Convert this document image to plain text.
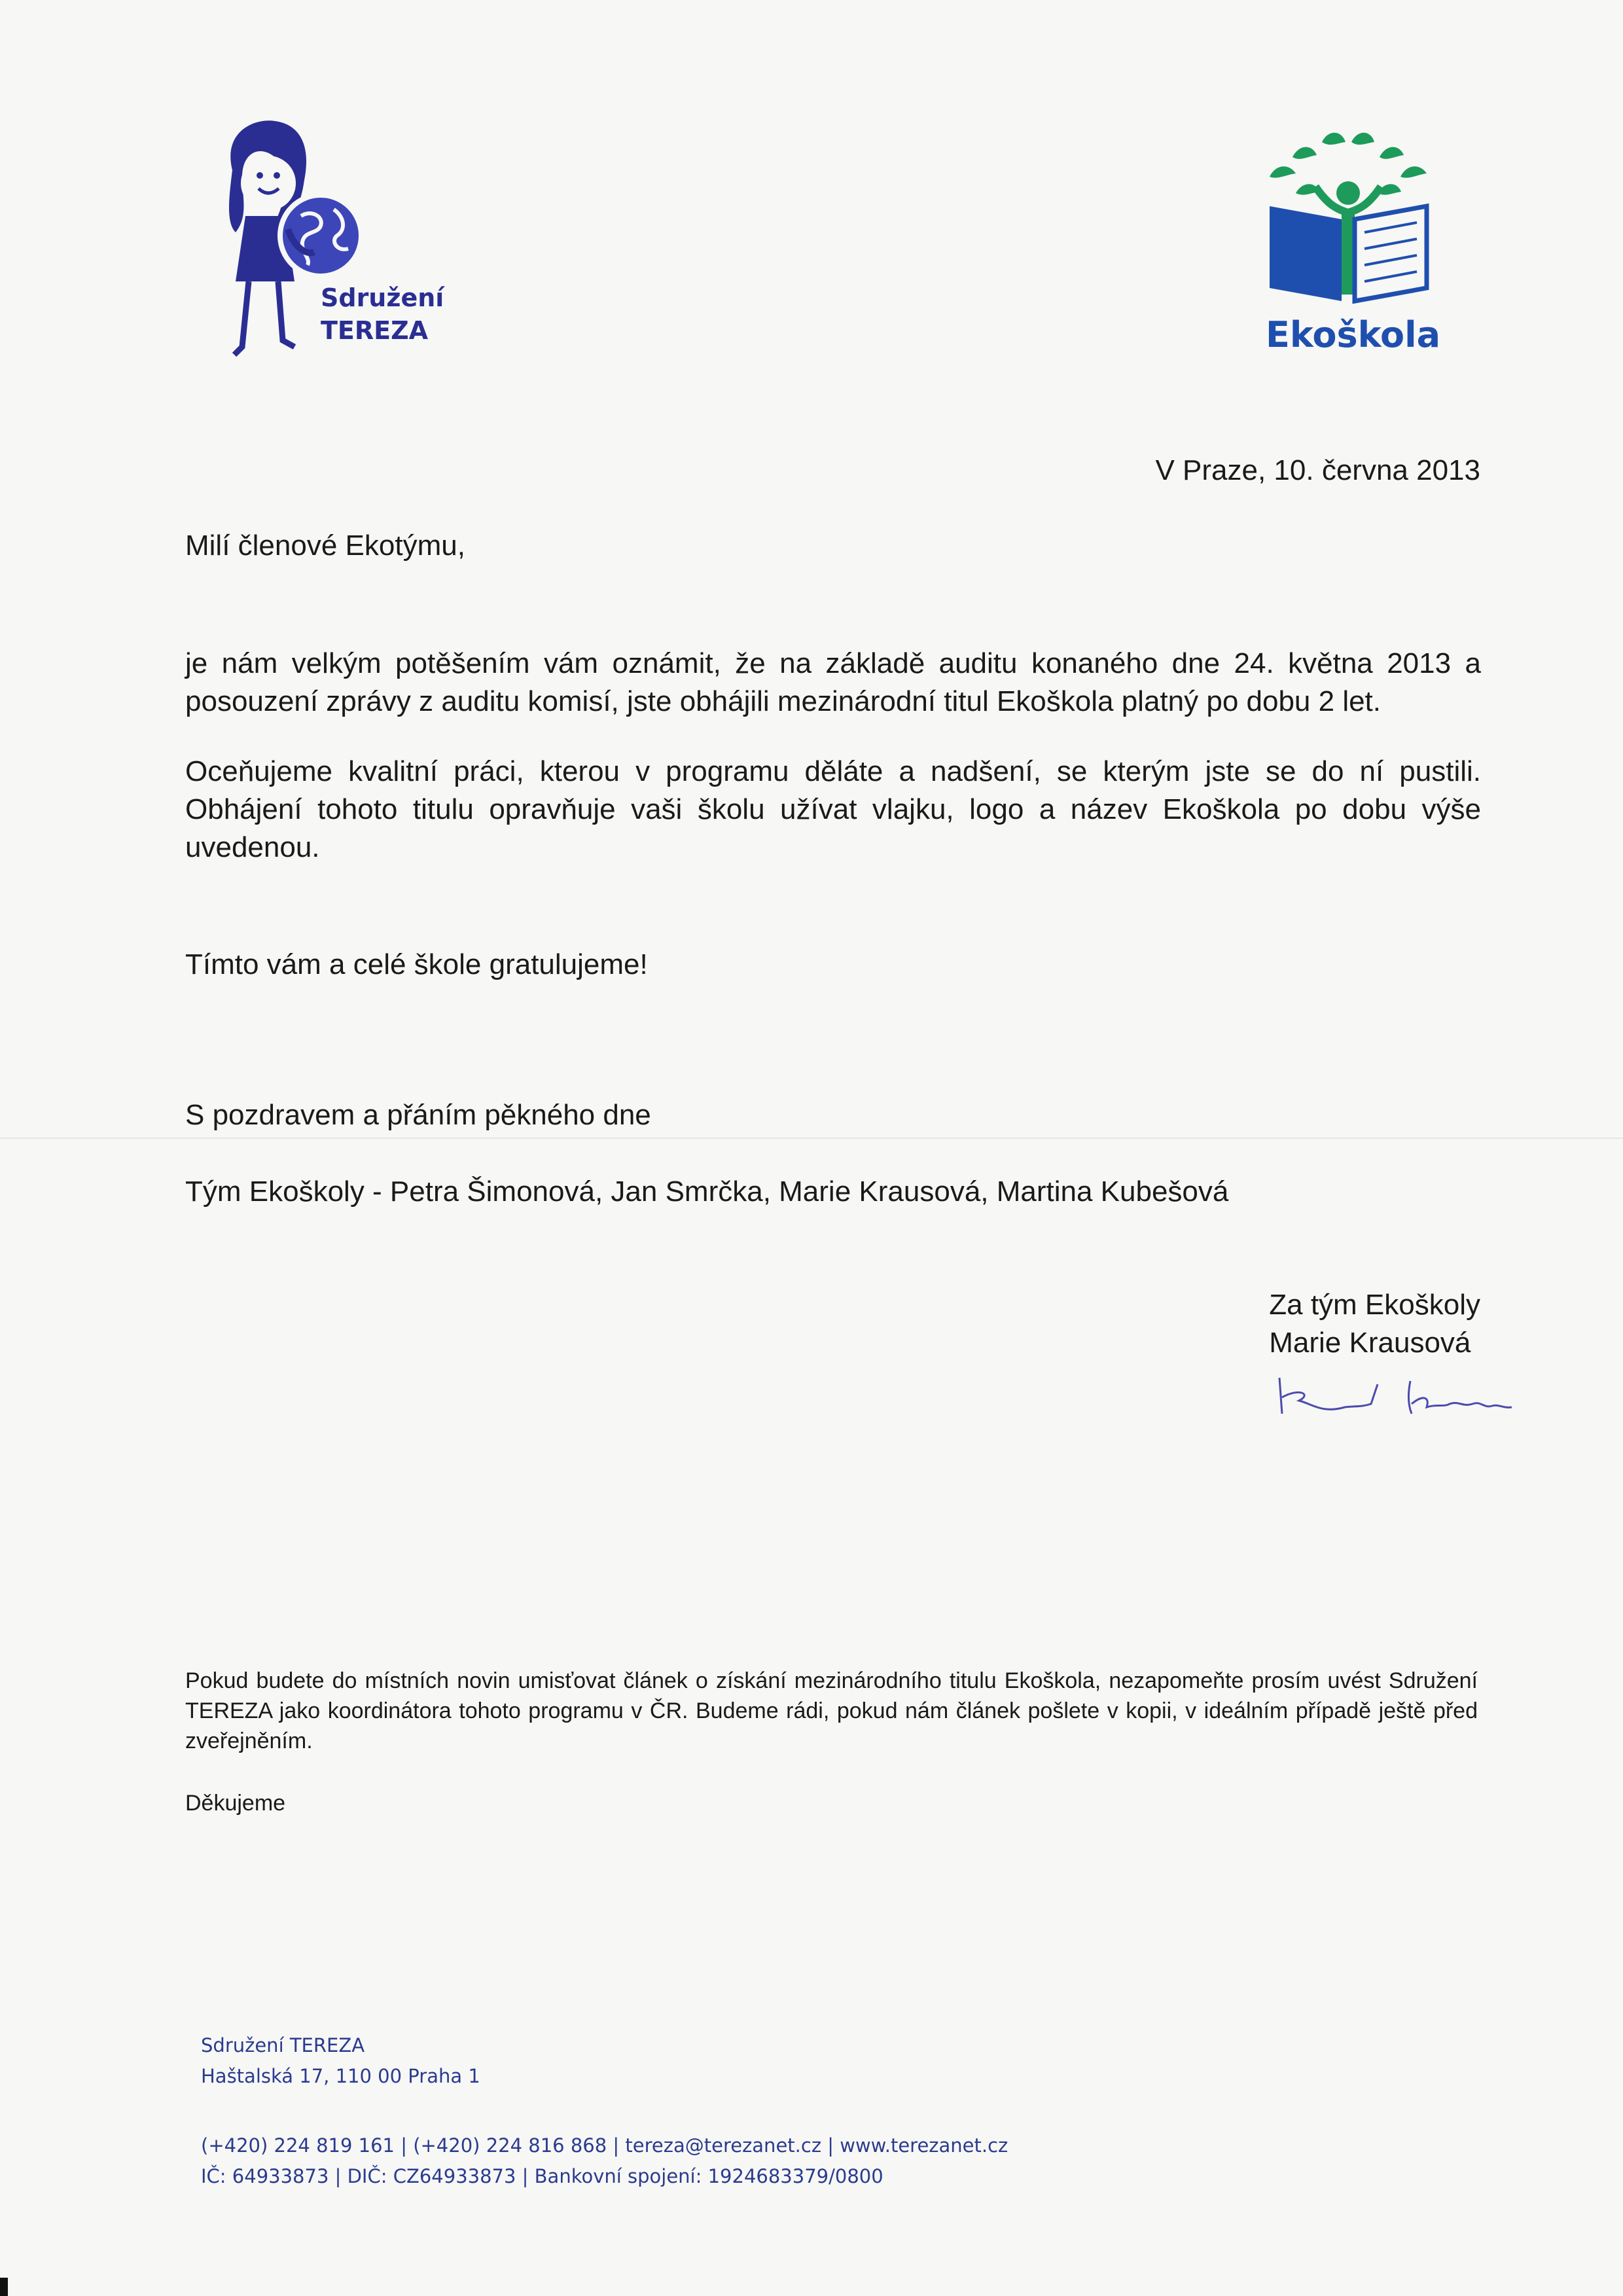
Sdružení
TEREZA	Ekoškola
V Praze, 10. června 2013
Milí členové Ekotýmu,
je nám velkým potěšením vám oznámit, že na základě auditu konaného dne 24. května 2013 a posouzení zprávy z auditu komisí, jste obhájili mezinárodní titul Ekoškola platný po dobu 2 let.
Oceňujeme kvalitní práci, kterou v programu děláte a nadšení, se kterým jste se do ní pustili. Obhájení tohoto titulu opravňuje vaši školu užívat vlajku, logo a název Ekoškola po dobu výše uvedenou.
Tímto vám a celé škole gratulujeme!
S pozdravem a přáním pěkného dne
Tým Ekoškoly - Petra Šimonová, Jan Smrčka, Marie Krausová, Martina Kubešová
Za tým Ekoškoly
Marie Krausová
Pokud budete do místních novin umisťovat článek o získání mezinárodního titulu Ekoškola, nezapomeňte prosím uvést Sdružení TEREZA jako koordinátora tohoto programu v ČR. Budeme rádi, pokud nám článek pošlete v kopii, v ideálním případě ještě před zveřejněním.
Děkujeme
Sdružení TEREZA
Haštalská 17, 110 00 Praha 1
(+420) 224 819 161 | (+420) 224 816 868 | tereza@terezanet.cz | www.terezanet.cz
IČ: 64933873 | DIČ: CZ64933873 | Bankovní spojení: 1924683379/0800
